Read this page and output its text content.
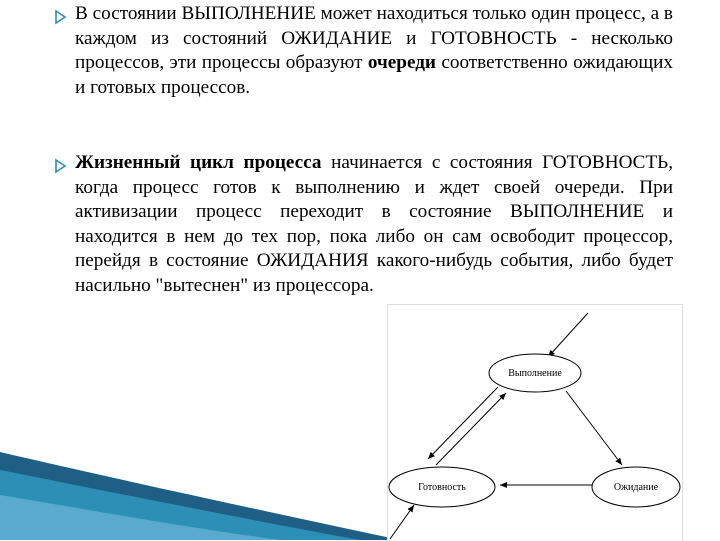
В состоянии ВЫПОЛНЕНИЕ может находиться только один процесс, а в каждом из состояний ОЖИДАНИЕ и ГОТОВНОСТЬ - несколько процессов, эти процессы образуют очереди соответственно ожидающих и готовых процессов.

Жизненный цикл процесса начинается с состояния ГОТОВНОСТЬ, когда процесс готов к выполнению и ждет своей очереди. При активизации процесс переходит в состояние ВЫПОЛНЕНИЕ и находится в нем до тех пор, пока либо он сам освободит процессор, перейдя в состояние ОЖИДАНИЯ какого-нибудь события, либо будет насильно "вытеснен" из процессора.

Выполнение
Готовность	Ожидание
